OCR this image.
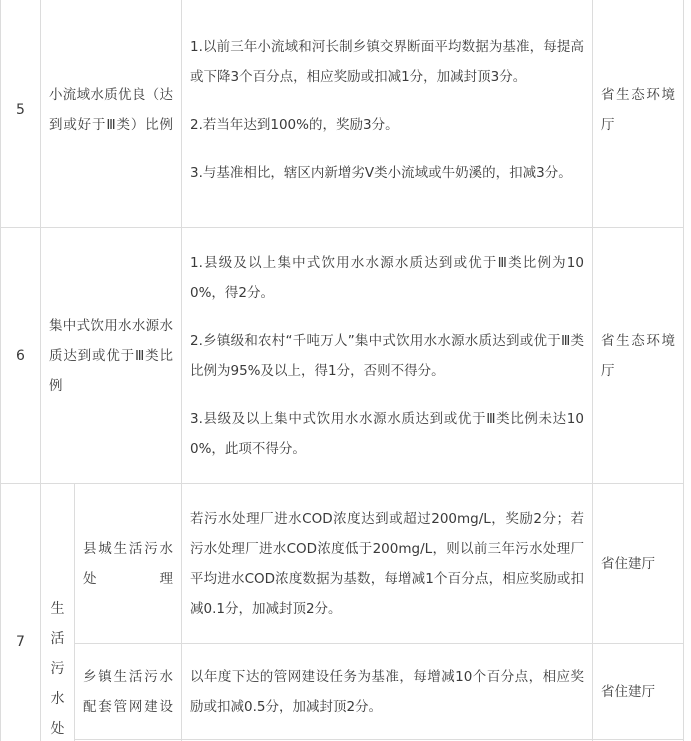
5	小流域水质优良（达到或好于Ⅲ类）比例		1.以前三年小流域和河长制乡镇交界断面平均数据为基准，每提高或下降3个百分点，相应奖励或扣减1分，加减封顶3分。

2.若当年达到100%的，奖励3分。

3.与基准相比，辖区内新增劣Ⅴ类小流域或牛奶溪的，扣减3分。	省生态环境厅
6	集中式饮用水水源水质达到或优于Ⅲ类比例		1.县级及以上集中式饮用水水源水质达到或优于Ⅲ类比例为100%，得2分。

2.乡镇级和农村“千吨万人”集中式饮用水水源水质达到或优于Ⅲ类比例为95%及以上，得1分，否则不得分。

3.县级及以上集中式饮用水水源水质达到或优于Ⅲ类比例未达100%，此项不得分。	省生态环境厅
7	生活污水处	县城生活污水处理	若污水处理厂进水COD浓度达到或超过200mg/L，奖励2分；若污水处理厂进水COD浓度低于200mg/L，则以前三年污水处理厂平均进水COD浓度数据为基数，每增减1个百分点，相应奖励或扣减0.1分，加减封顶2分。	省住建厅
		乡镇生活污水配套管网建设	以年度下达的管网建设任务为基准，每增减10个百分点，相应奖励或扣减0.5分，加减封顶2分。	省住建厅
